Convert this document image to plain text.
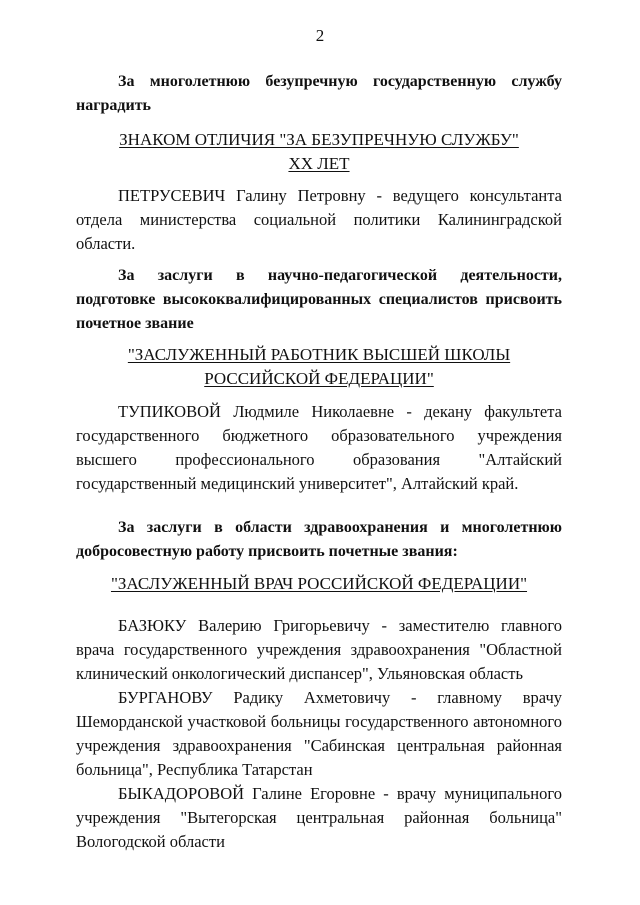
2
За многолетнюю безупречную государственную службу наградить
ЗНАКОМ ОТЛИЧИЯ "ЗА БЕЗУПРЕЧНУЮ СЛУЖБУ"
XX ЛЕТ

ПЕТРУСЕВИЧ Галину Петровну - ведущего консультанта отдела министерства социальной политики Калининградской области.

За заслуги в научно-педагогической деятельности, подготовке высококвалифицированных специалистов присвоить почетное звание
"ЗАСЛУЖЕННЫЙ РАБОТНИК ВЫСШЕЙ ШКОЛЫ
РОССИЙСКОЙ ФЕДЕРАЦИИ"

ТУПИКОВОЙ Людмиле Николаевне - декану факультета государственного бюджетного образовательного учреждения высшего профессионального образования "Алтайский государственный медицинский университет", Алтайский край.

За заслуги в области здравоохранения и многолетнюю добросовестную работу присвоить почетные звания:
"ЗАСЛУЖЕННЫЙ ВРАЧ РОССИЙСКОЙ ФЕДЕРАЦИИ"

БАЗЮКУ Валерию Григорьевичу - заместителю главного врача государственного учреждения здравоохранения "Областной клинический онкологический диспансер", Ульяновская область

БУРГАНОВУ Радику Ахметовичу - главному врачу Шеморданской участковой больницы государственного автономного учреждения здравоохранения "Сабинская центральная районная больница", Республика Татарстан

БЫКАДОРОВОЙ Галине Егоровне - врачу муниципального учреждения "Вытегорская центральная районная больница" Вологодской области
